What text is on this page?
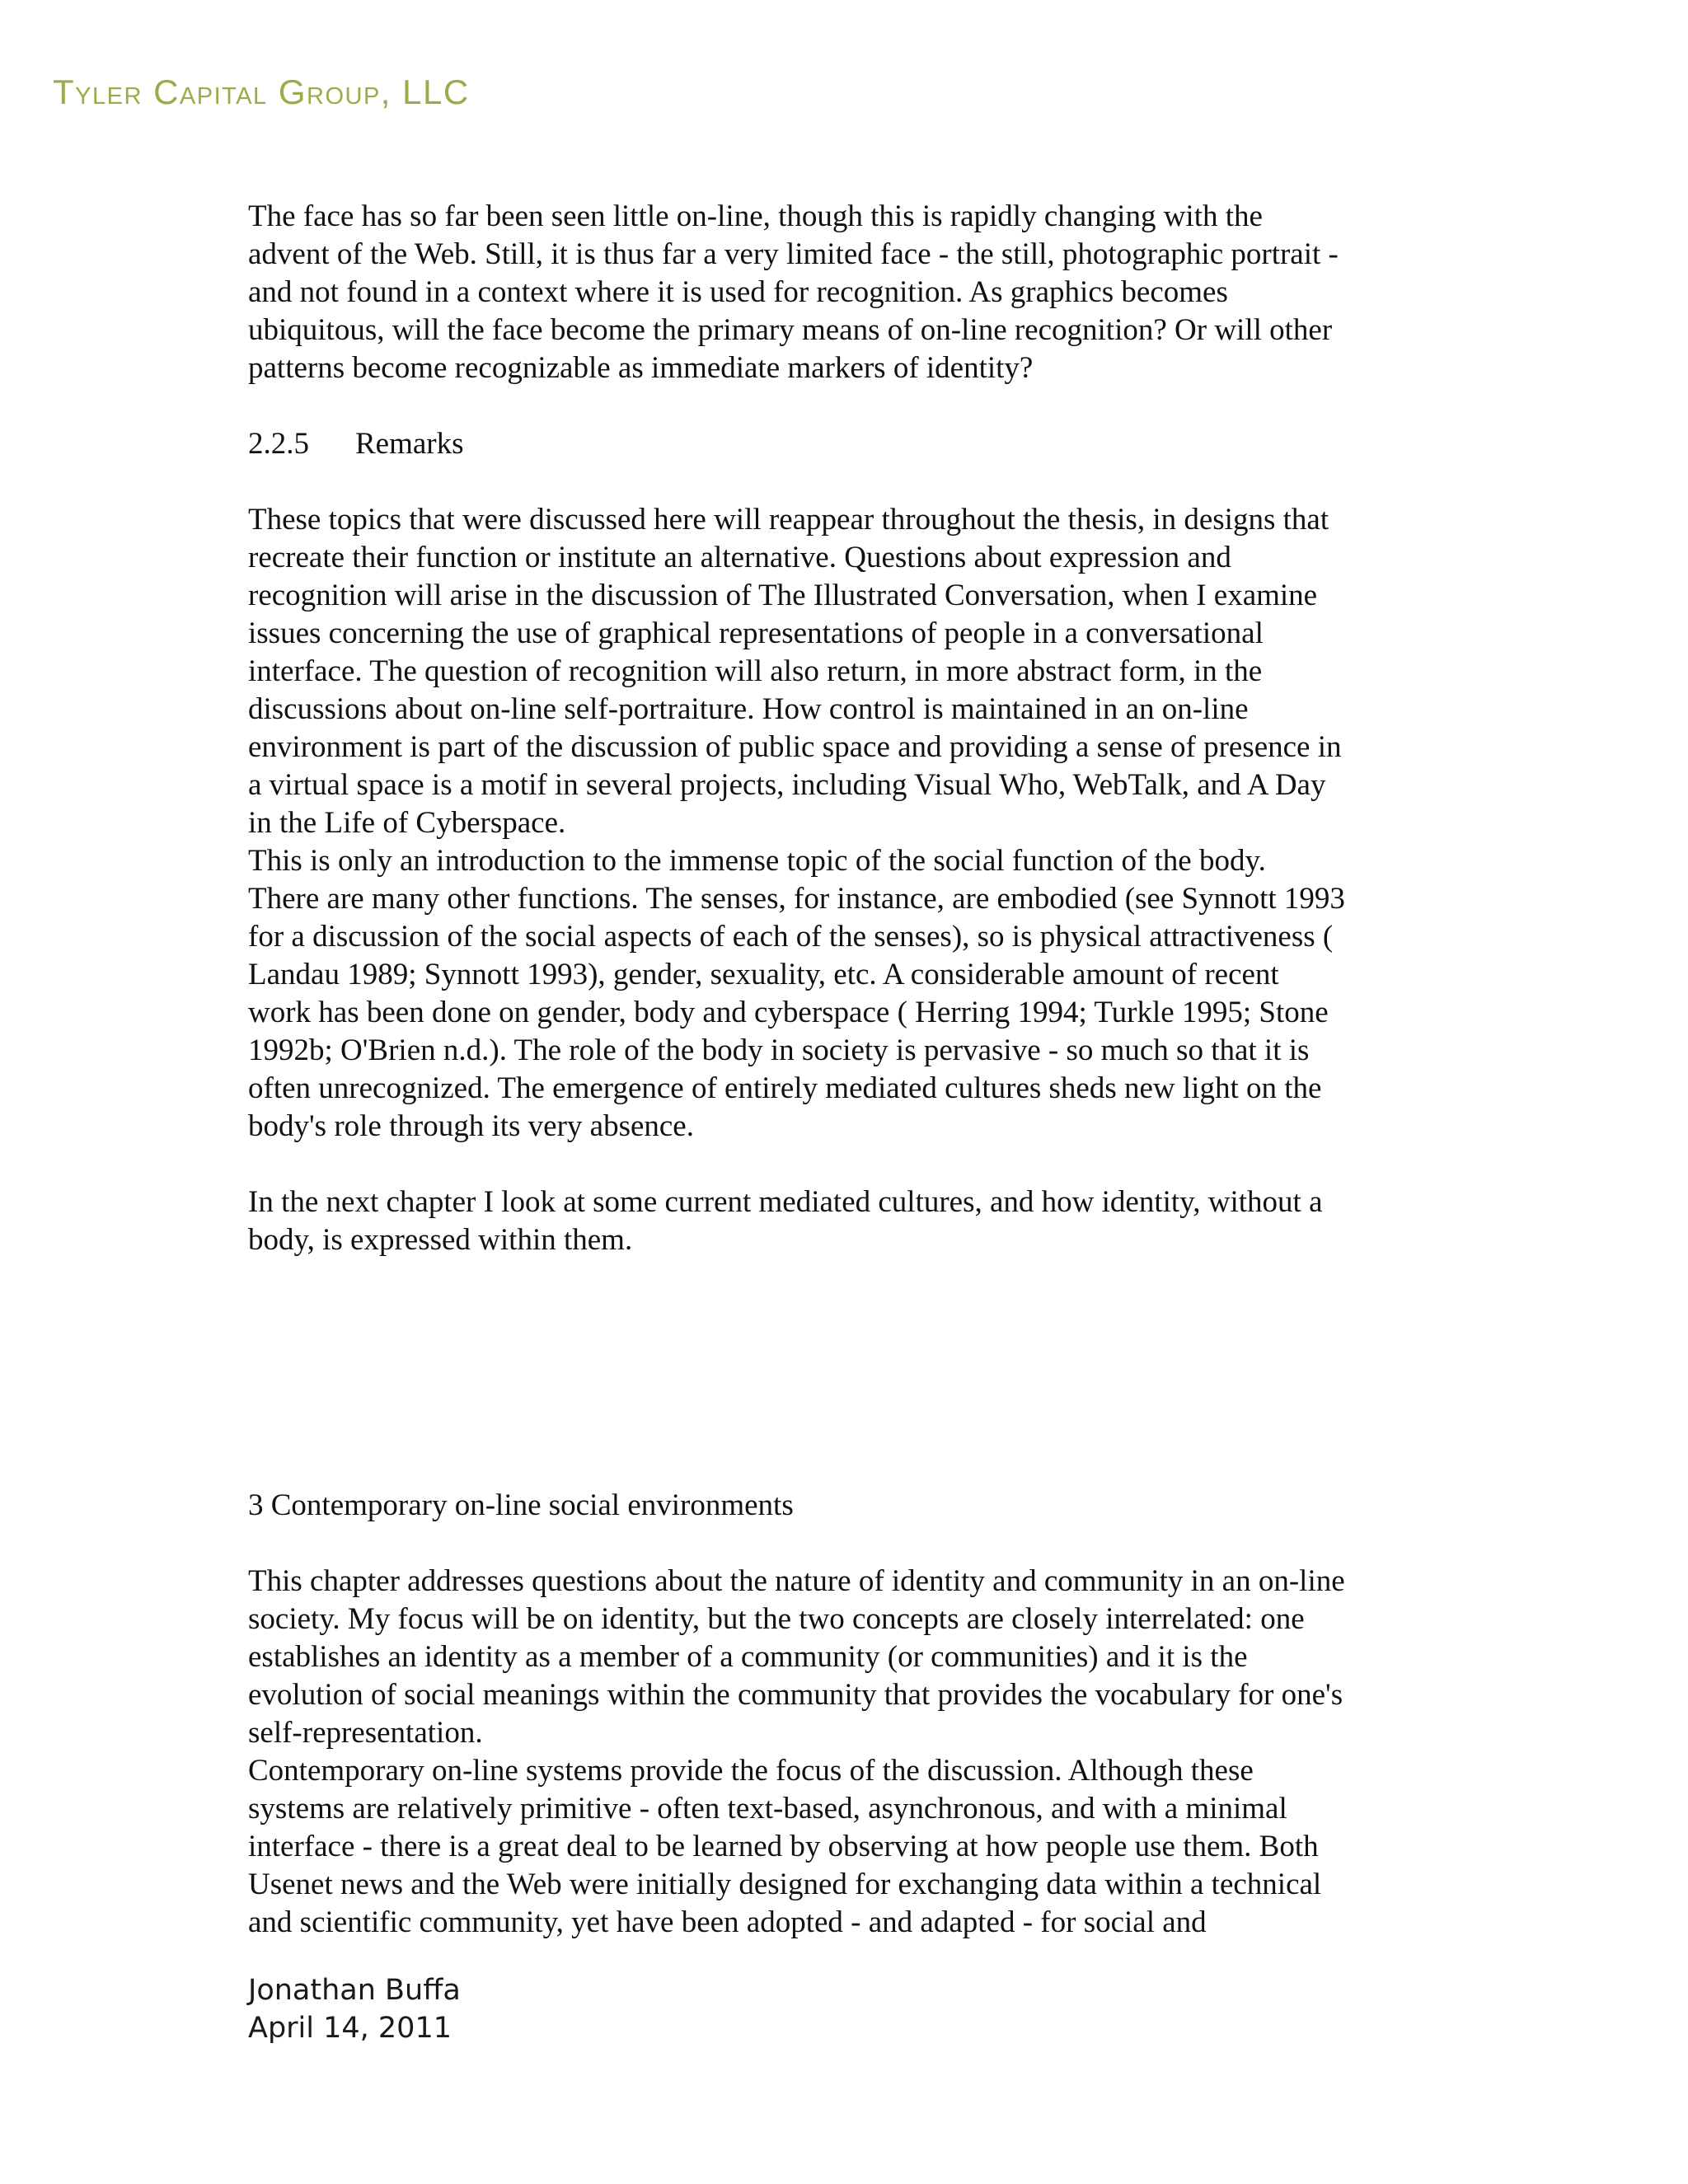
Tyler Capital Group, LLC
The face has so far been seen little on-line, though this is rapidly changing with the
advent of the Web. Still, it is thus far a very limited face - the still, photographic portrait -
and not found in a context where it is used for recognition. As graphics becomes
ubiquitous, will the face become the primary means of on-line recognition? Or will other
patterns become recognizable as immediate markers of identity?
2.2.5 Remarks
These topics that were discussed here will reappear throughout the thesis, in designs that
recreate their function or institute an alternative. Questions about expression and
recognition will arise in the discussion of The Illustrated Conversation, when I examine
issues concerning the use of graphical representations of people in a conversational
interface. The question of recognition will also return, in more abstract form, in the
discussions about on-line self-portraiture. How control is maintained in an on-line
environment is part of the discussion of public space and providing a sense of presence in
a virtual space is a motif in several projects, including Visual Who, WebTalk, and A Day
in the Life of Cyberspace.
This is only an introduction to the immense topic of the social function of the body.
There are many other functions. The senses, for instance, are embodied (see Synnott 1993
for a discussion of the social aspects of each of the senses), so is physical attractiveness (
Landau 1989; Synnott 1993), gender, sexuality, etc. A considerable amount of recent
work has been done on gender, body and cyberspace ( Herring 1994; Turkle 1995; Stone
1992b; O'Brien n.d.). The role of the body in society is pervasive - so much so that it is
often unrecognized. The emergence of entirely mediated cultures sheds new light on the
body's role through its very absence.
In the next chapter I look at some current mediated cultures, and how identity, without a
body, is expressed within them.
3 Contemporary on-line social environments
This chapter addresses questions about the nature of identity and community in an on-line
society. My focus will be on identity, but the two concepts are closely interrelated: one
establishes an identity as a member of a community (or communities) and it is the
evolution of social meanings within the community that provides the vocabulary for one's
self-representation.
Contemporary on-line systems provide the focus of the discussion. Although these
systems are relatively primitive - often text-based, asynchronous, and with a minimal
interface - there is a great deal to be learned by observing at how people use them. Both
Usenet news and the Web were initially designed for exchanging data within a technical
and scientific community, yet have been adopted - and adapted - for social and
Jonathan Buffa
April 14, 2011
